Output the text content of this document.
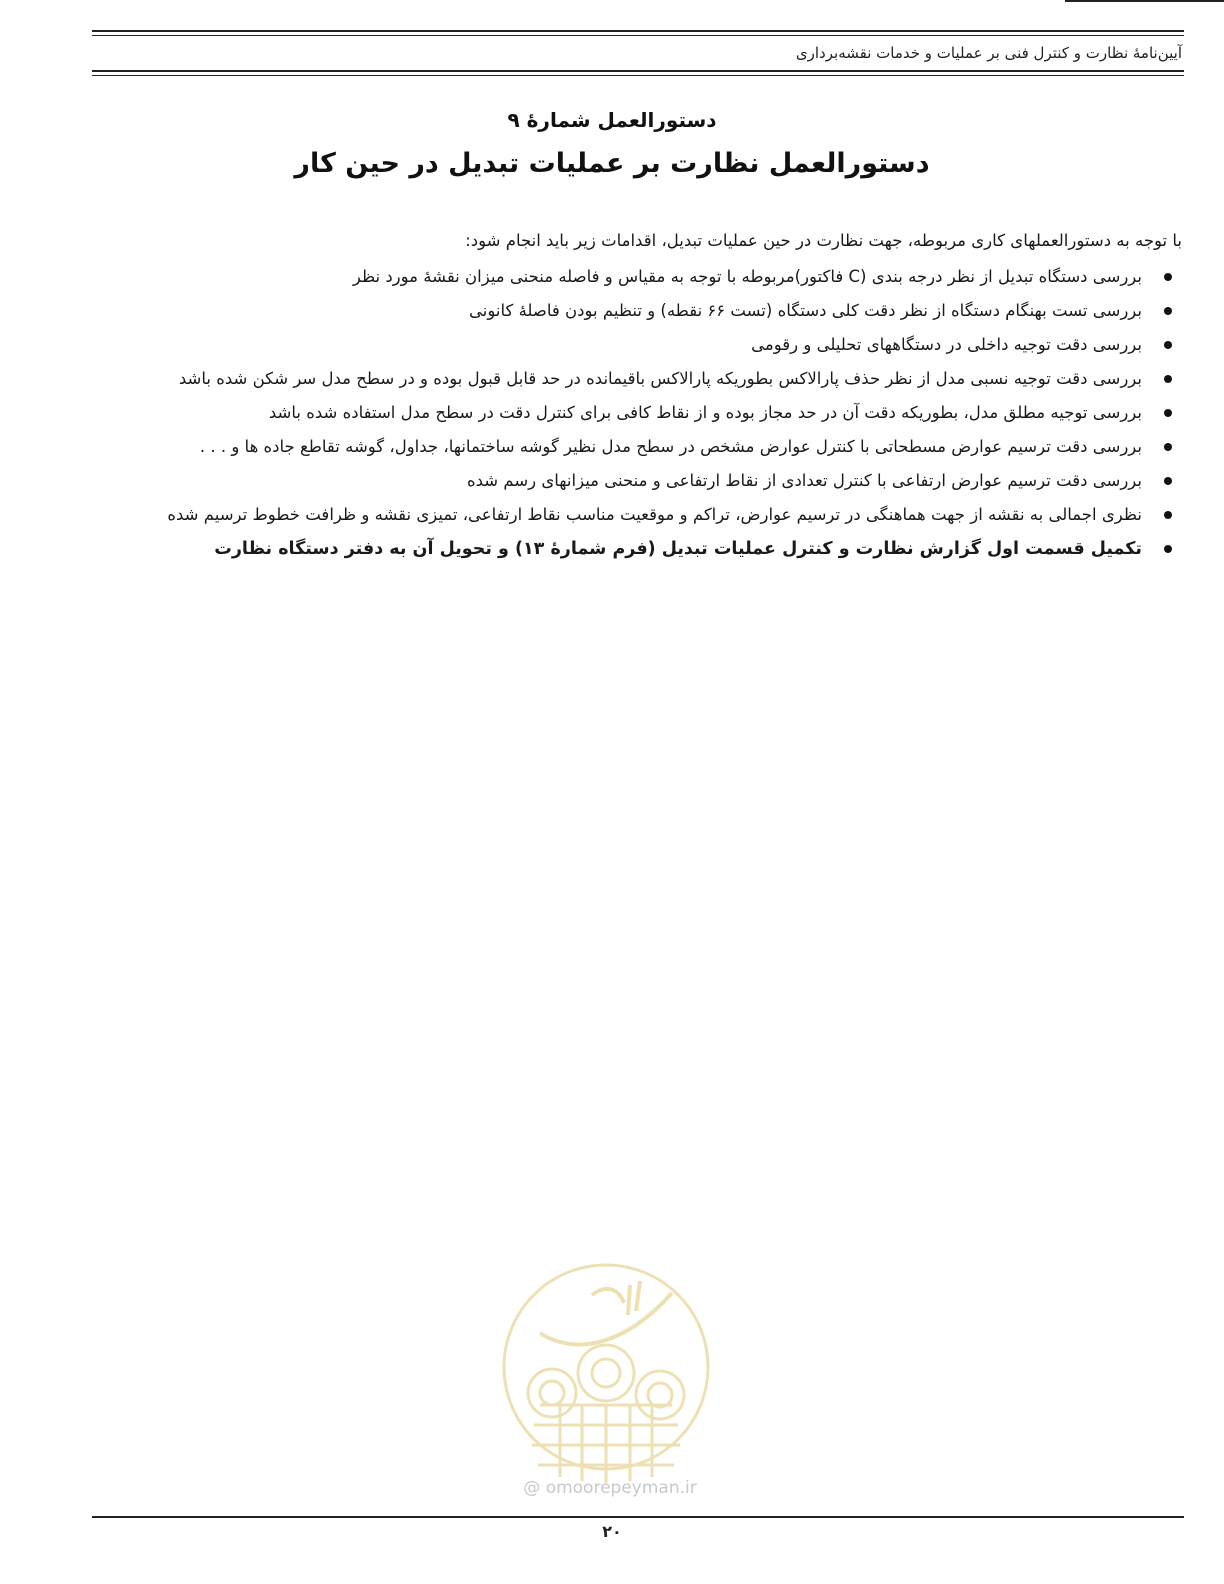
آیین‌نامهٔ نظارت و کنترل فنی بر عملیات و خدمات نقشه‌برداری
دستورالعمل شمارهٔ ۹
دستورالعمل نظارت بر عملیات تبدیل در حین کار

با توجه به دستورالعملهای کاری مربوطه، جهت نظارت در حین عملیات تبدیل، اقدامات زیر باید انجام شود:

بررسی دستگاه تبدیل از نظر درجه بندی (C فاکتور)مربوطه با توجه به مقیاس و فاصله منحنی میزان نقشهٔ مورد نظر
بررسی تست بهنگام دستگاه از نظر دقت کلی دستگاه (تست ۶۶ نقطه) و تنظیم بودن فاصلهٔ کانونی
بررسی دقت توجیه داخلی در دستگاههای تحلیلی و رقومی
بررسی دقت توجیه نسبی مدل از نظر حذف پارالاکس بطوریکه پارالاکس باقیمانده در حد قابل قبول بوده و در سطح مدل سر شکن شده باشد
بررسی توجیه مطلق مدل، بطوریکه دقت آن در حد مجاز بوده و از نقاط کافی برای کنترل دقت در سطح مدل استفاده شده باشد
بررسی دقت ترسیم عوارض مسطحاتی با کنترل عوارض مشخص در سطح مدل نظیر گوشه ساختمانها، جداول، گوشه تقاطع جاده ها و . . .
بررسی دقت ترسیم عوارض ارتفاعی با کنترل تعدادی از نقاط ارتفاعی و منحنی میزانهای رسم شده
نظری اجمالی به نقشه از جهت هماهنگی در ترسیم عوارض، تراکم و موقعیت مناسب نقاط ارتفاعی، تمیزی نقشه و ظرافت خطوط ترسیم شده
تکمیل قسمت اول گزارش نظارت و کنترل عملیات تبدیل (فرم شمارهٔ ۱۳) و تحویل آن به دفتر دستگاه نظارت
@ omoorepeyman.ir
۲۰
